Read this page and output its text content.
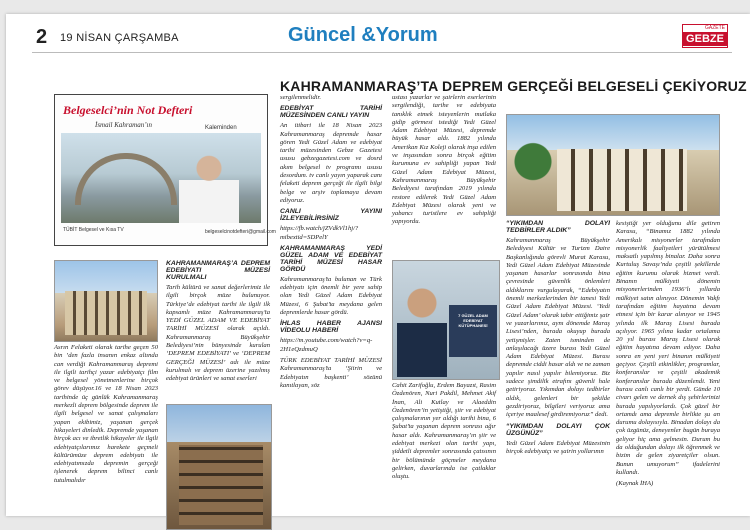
2 19 NİSAN ÇARŞAMBA	Güncel &Yorum	GAZETE
GEBZE
KAHRAMANMARAŞ’TA DEPREM GERÇEĞİ BELGESELİ ÇEKİYORUZ
Belgeselci’nin Not Defteri
İsmail Kahraman’ın	Kaleminden
TÜBİT Belgesel ve Kısa TV	belgeselcinotdefteri@gmail.com
7 GÜZEL ADAM EDEBİYAT KÜTÜPHANESİ

Asrın Felaketi olarak tarihe geçen 50 bin ’den fazla insanın enkaz altında can verdiği Kahramanmaraş depremi ile ilgili tarihçi yazar edebiyatçı film ve belgesel yönetmenlerine birçok görev düşüyor.16 ve 18 Nisan 2023 tarihinde üç günlük Kahramanmaraş merkezli deprem bölgesinde deprem ile ilgili belgesel ve sanat çalışmaları yapan ekibimiz, yaşanan gerçek hikayeleri dinledik. Depremde yaşanan birçok acı ve ibretlik hikayeler ile ilgili edebiyatçılarımız harekete geçmeli kültürümüze deprem edebiyatı ile edebiyatımızda depremin gerçeği işlenerek deprem bilinci canlı tutulmalıdır

KAHRAMANMARAŞ’A DEPREM EDEBİYATI MÜZESİ KURULMALI

Tarih kültürü ve sanat değerlerimiz ile ilgili birçok müze bulunuyor. Türkiye’de edebiyat tarihi ile ilgili ilk kapsamlı müze Kahramanmaraş’ta YEDİ GÜZEL ADAM VE EDEBİYAT TARİHİ MÜZESİ olarak açıldı. Kahramanmaraş Büyükşehir Belediyesi’nin bünyesinde kurulan ‘DEPREM EDEBİYATI’ ve ‘DEPREM GERÇEĞİ MÜZESİ’ adı ile müze kurulmalı ve deprem üzerine yazılmış edebiyat ürünleri ve sanat eserleri

sergilenmelidir.

EDEBİYAT TARİHİ MÜZESİNDEN CANLI YAYIN

An itibari ile 18 Nisan 2023 Kahramanmaraş depremde hasar gören Yedi Güzel Adam ve edebiyat tarihi müzesinden Gebze Gazetesi ususu gebzegazetesi.com ve dosrd akım belgesel tv programı ususu desordum. tv canlı yayın yaparak canı felaketi deprem gerçeği ile ilgili bilgi belge ve arşiv toplamaya devam ediyoruz.

CANLI YAYINI İZLEYEBİLİRSİNİZ

https://fb.watch/jZVdkVl1hj/?mibextid=SDPelY

KAHRAMANMARAŞ YEDİ GÜZEL ADAM VE EDEBİYAT TARİHİ MÜZESİ HASAR GÖRDÜ

Kahramanmaraş’ta bulunan ve Türk edebiyatı için önemli bir yere sahip olan Yedi Güzel Adam Edebiyat Müzesi, 6 Şubat’ta meydana gelen depremlerde hasar gördü.

İHLAS HABER AJANSI VİDEOLU HABERİ

https://m.youtube.com/watch?v=q-2H1eQzdmuQ

TÜRK EDEBİYAT TARİHİ MÜZESİ Kahramanmaraş’ta ‘Şiirin ve Edebiyatın başkenti’ sözünü kanıtlayan, söz

ustası yazarlar ve şairlerin eserlerinin sergilendiği, tarihe ve edebiyata tanıklık etmek isteyenlerin mutlaka gidip görmesi istediği Yedi Güzel Adam Edebiyat Müzesi, depremde büyük hasar aldı. 1882 yılında Amerikan Kız Koleji olarak inşa edilen ve inşasından sonra birçok eğitim kurumuna ev sahipliği yapan Yedi Güzel Adam Edebiyat Müzesi, Kahramanmaraş Büyükşehir Belediyesi tarafından 2019 yılında restore edilerek Yedi Güzel Adam Edebiyat Müzesi olarak yeni ve yabancı turistlere ev sahipliği yapıyordu.

Cahit Zarifoğlu, Erdem Bayazıt, Rasim Özdenören, Nuri Pakdil, Mehmet Akif İnan, Ali Kutlay ve Alaeddin Özdenören’in yetiştiği, şiir ve edebiyat çalışmalarının yer aldığı tarihi bina, 6 Şubat’ta yaşanan deprem sonrası ağır hasar aldı. Kahramanmaraş’ın şiir ve edebiyat merkezi olan tarihi yapı, şiddetli depremler sonrasında çatısının bir bölümünde göçmeler meydana gelirken, duvarlarında ise çatlaklar oluştu.

“YIKIMDAN DOLAYI TEDBİRLER ALDIK”

Kahramanmaraş Büyükşehir Belediyesi Kültür ve Turizm Daire Başkanlığında görevli Murat Karasu, Yedi Güzel Adam Edebiyat Müzesinde yaşanan hasarlar sonrasında bina çevresinde güvenlik önlemleri aldıklarını vurgulayarak, “Edebiyatın önemli merkezlerinden bir tanesi Yedi Güzel Adam Edebiyat Müzesi. ‘Yedi Güzel Adam’ olarak tabir ettiğimiz şair ve yazarlarımız, aynı dönemde Maraş Lisesi’nden, burada okuyup burada yetişmişler. Zaten isminden de anlaşılacağı üzere burası Yedi Güzel Adam Edebiyat Müzesi. Burası depremde ciddi hasar aldı ve ne zaman yapılır nasıl yapılır bilemiyoruz. Biz sadece şimdilik etrafını güvenli hale getiriyoruz. Yıkımdan dolayı tedbirler aldık, gelenleri bir şekilde gezdiriyoruz, bilgileri veriyoruz ama içeriye maalesef girdiremiyoruz” dedi.

“YIKIMDAN DOLAYI ÇOK ÜZGÜNÜZ”

Yedi Güzel Adam Edebiyat Müzesinin birçok edebiyatçı ve şairin yollarının

kesiştiği yer olduğunu dile getiren Karasu, “Binamız 1882 yılında Amerikalı misyonerler tarafından misyonerlik faaliyetleri yürütülmesi maksatlı yapılmış binalar. Daha sonra Kurtuluş Savaşı’nda çeşitli şekillerde eğitim kurumu olarak hizmet verdi. Binanın mülkiyeti dönemin misyonerlerinden 1936’lı yıllarda mülkiyet satın alınıyor. Dönemin Vakfı tarafından eğitim hayatına devam etmesi için bir karar alınıyor ve 1945 yılında ilk Maraş Lisesi burada açılıyor. 1965 yılına kadar ortalama 20 yıl burası Maraş Lisesi olarak eğitim hayatına devam ediyor. Daha sonra en yeni yeri binanın mülkiyeti geçiyor. Çeşitli etkinlikler, programlar, konferanslar ve çeşitli akademik konferanslar burada düzenlendi. Yeni burası canlı canlı bir yerdi. Günde 10 civarı gelen ve dernek dış şehirlerinizi burada yapılıyorlardı. Çok güzel bir ortamdı ama depremle birlikte şu an durumu dolayısıyla. Binadan dolayı da çok üzgünüz, deneyenler bugün buraya geliyor hiç ama gelmesin. Durum bu da olduğundan dolayı ilk öğrenmek ve bizim de gelen ziyaretçiler olsun. Bunun umuyorum” ifadelerini kullandı.

(Kaynak İHA)
